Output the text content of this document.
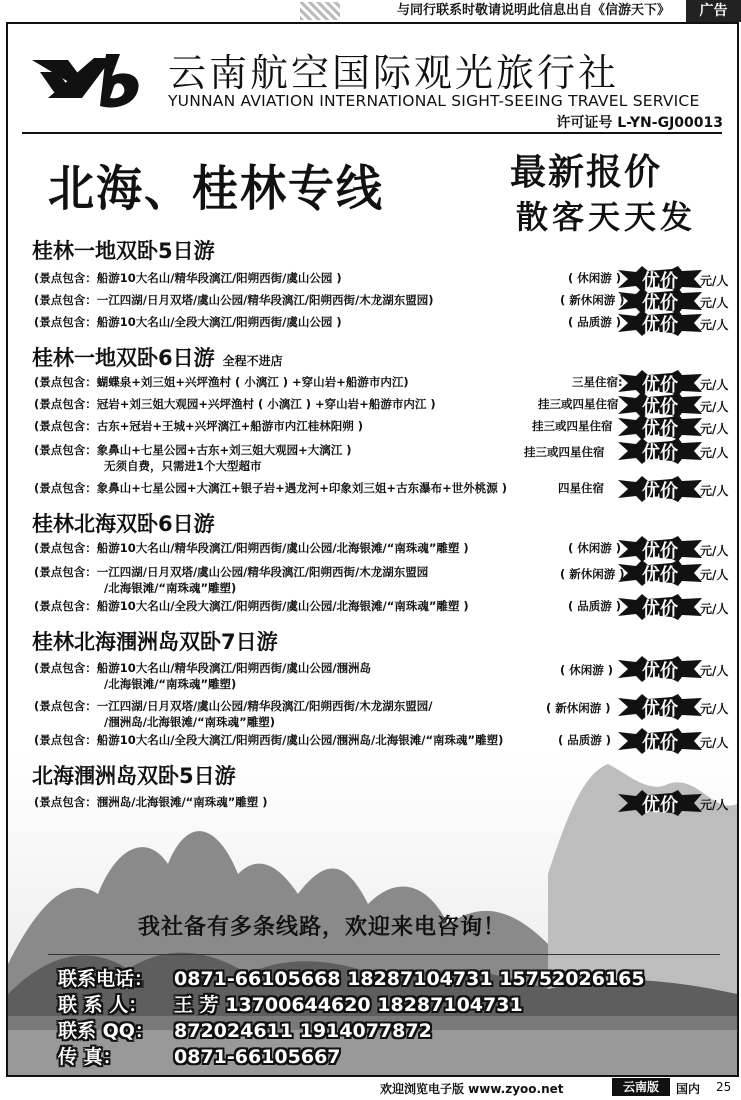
与同行联系时敬请说明此信息出自《信游天下》	广告
云南航空国际观光旅行社
YUNNAN AVIATION INTERNATIONAL SIGHT-SEEING TRAVEL SERVICE
许可证号 L-YN-GJ00013
北海、桂林专线	最新报价
散客天天发
我社备有多条线路，欢迎来电咨询！
联系电话： 0871-66105668 18287104731 15752026165
联 系 人： 王 芳 13700644620 18287104731
联系 QQ： 872024611 1914077872
传 真：	0871-66105667
桂林一地双卧5日游
(景点包含：船游10大名山/精华段漓江/阳朔西街/虞山公园 )	( 休闲游 )	优价	元/人
(景点包含：一江四湖/日月双塔/虞山公园/精华段漓江/阳朔西街/木龙湖东盟园)	( 新休闲游 ) 优价	元/人
(景点包含：船游10大名山/全段大漓江/阳朔西街/虞山公园 )	( 品质游 )	优价	元/人
桂林一地双卧6日游 全程不进店
(景点包含：蝴蝶泉+刘三姐+兴坪渔村 ( 小漓江 ) +穿山岩+船游市内江)	三星住宿:	优价	元/人
(景点包含：冠岩+刘三姐大观园+兴坪渔村 ( 小漓江 ) +穿山岩+船游市内江 )	挂三或四星住宿	优价	元/人
(景点包含：古东+冠岩+王城+兴坪漓江+船游市内江桂林阳朔 )	挂三或四星住宿	优价	元/人
(景点包含：象鼻山+七星公园+古东+刘三姐大观园+大漓江 )
无须自费，只需进1个大型超市
挂三或四星住宿	优价	元/人
(景点包含：象鼻山+七星公园+大漓江+银子岩+遇龙河+印象刘三姐+古东瀑布+世外桃源 )	四星住宿	优价	元/人
桂林北海双卧6日游
(景点包含：船游10大名山/精华段漓江/阳朔西街/虞山公园/北海银滩/“南珠魂”雕塑 )	( 休闲游 )	优价	元/人
(景点包含：一江四湖/日月双塔/虞山公园/精华段漓江/阳朔西街/木龙湖东盟园
/北海银滩/“南珠魂”雕塑)
( 新休闲游 ) 优价	元/人
(景点包含：船游10大名山/全段大漓江/阳朔西街/虞山公园/北海银滩/“南珠魂”雕塑 )	( 品质游 )	优价	元/人
桂林北海涠洲岛双卧7日游
(景点包含：船游10大名山/精华段漓江/阳朔西街/虞山公园/涠洲岛
/北海银滩/“南珠魂”雕塑)
( 休闲游 )	优价	元/人
(景点包含：一江四湖/日月双塔/虞山公园/精华段漓江/阳朔西街/木龙湖东盟园/
/涠洲岛/北海银滩/“南珠魂”雕塑)
( 新休闲游 )	优价	元/人
(景点包含：船游10大名山/全段大漓江/阳朔西街/虞山公园/涠洲岛/北海银滩/“南珠魂”雕塑)	( 品质游 )	优价	元/人
北海涠洲岛双卧5日游
(景点包含：涠洲岛/北海银滩/“南珠魂”雕塑 )	优价	元/人
欢迎浏览电子版 www.zyoo.net	云南版	国内 25
